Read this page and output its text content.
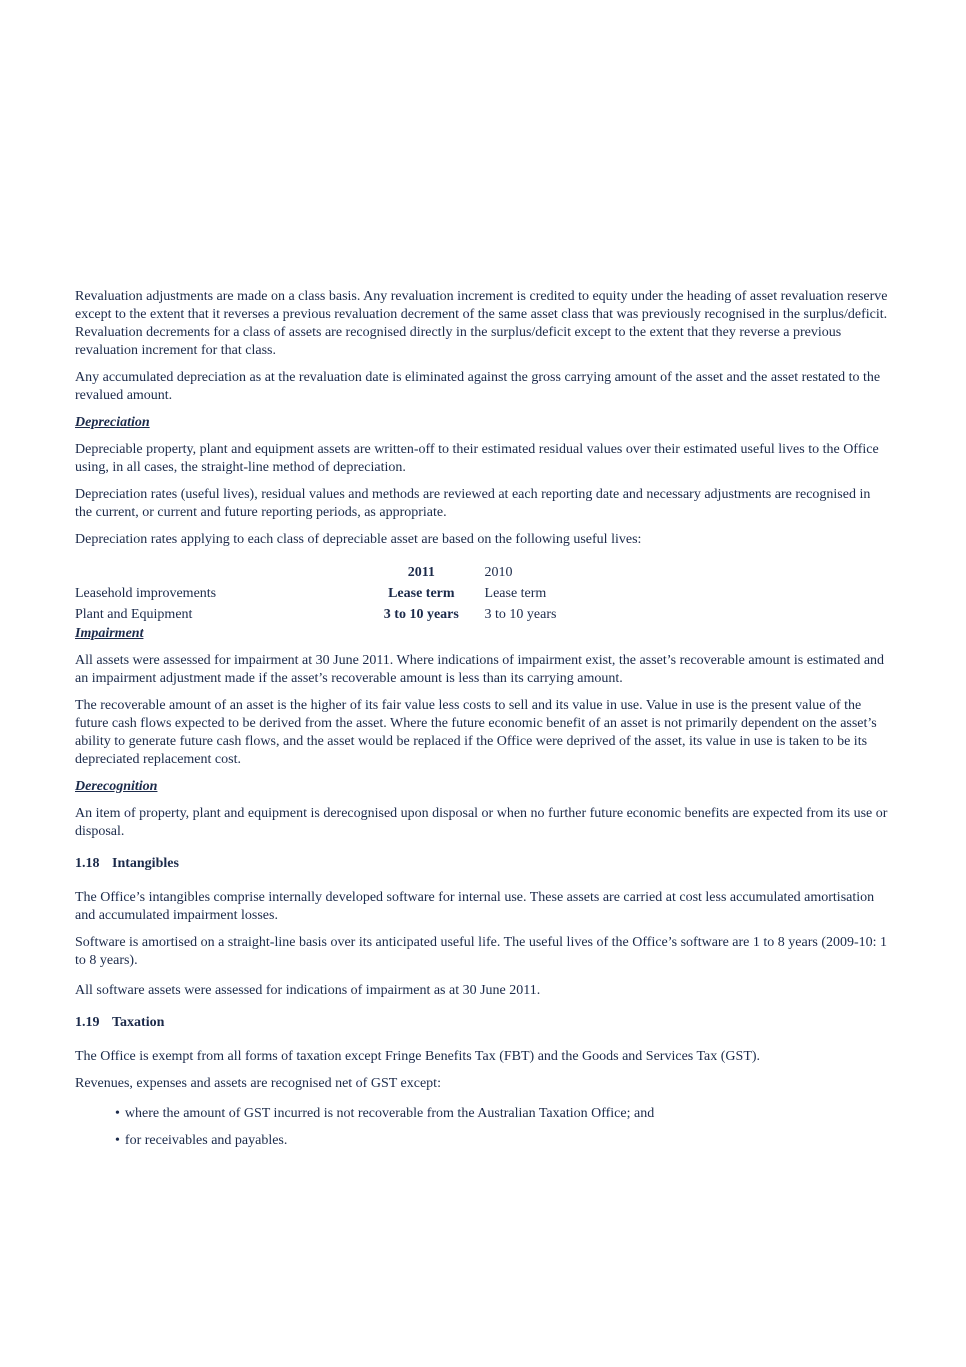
Revaluation adjustments are made on a class basis. Any revaluation increment is credited to equity under the heading of asset revaluation reserve except to the extent that it reverses a previous revaluation decrement of the same asset class that was previously recognised in the surplus/deficit. Revaluation decrements for a class of assets are recognised directly in the surplus/deficit except to the extent that they reverse a previous revaluation increment for that class.

Any accumulated depreciation as at the revaluation date is eliminated against the gross carrying amount of the asset and the asset restated to the revalued amount.

Depreciation

Depreciable property, plant and equipment assets are written-off to their estimated residual values over their estimated useful lives to the Office using, in all cases, the straight-line method of depreciation.

Depreciation rates (useful lives), residual values and methods are reviewed at each reporting date and necessary adjustments are recognised in the current, or current and future reporting periods, as appropriate.

Depreciation rates applying to each class of depreciable asset are based on the following useful lives:

	2011	2010
Leasehold improvements	Lease term	Lease term
Plant and Equipment	3 to 10 years	3 to 10 years
Impairment

All assets were assessed for impairment at 30 June 2011. Where indications of impairment exist, the asset’s recoverable amount is estimated and an impairment adjustment made if the asset’s recoverable amount is less than its carrying amount.

The recoverable amount of an asset is the higher of its fair value less costs to sell and its value in use. Value in use is the present value of the future cash flows expected to be derived from the asset. Where the future economic benefit of an asset is not primarily dependent on the asset’s ability to generate future cash flows, and the asset would be replaced if the Office were deprived of the asset, its value in use is taken to be its depreciated replacement cost.

Derecognition

An item of property, plant and equipment is derecognised upon disposal or when no further future economic benefits are expected from its use or disposal.

1.18 Intangibles

The Office’s intangibles comprise internally developed software for internal use. These assets are carried at cost less accumulated amortisation and accumulated impairment losses.

Software is amortised on a straight-line basis over its anticipated useful life. The useful lives of the Office’s software are 1 to 8 years (2009-10: 1 to 8 years).

All software assets were assessed for indications of impairment as at 30 June 2011.

1.19 Taxation

The Office is exempt from all forms of taxation except Fringe Benefits Tax (FBT) and the Goods and Services Tax (GST).

Revenues, expenses and assets are recognised net of GST except:

• where the amount of GST incurred is not recoverable from the Australian Taxation Office; and
• for receivables and payables.
